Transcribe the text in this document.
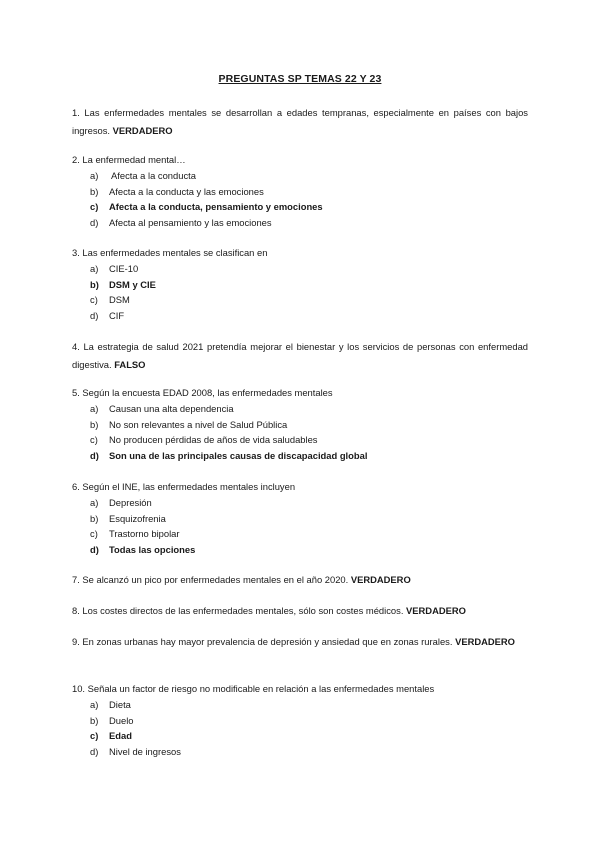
PREGUNTAS SP TEMAS 22 Y 23
1. Las enfermedades mentales se desarrollan a edades tempranas, especialmente en países con bajos ingresos. VERDADERO
2. La enfermedad mental…
a)	Afecta a la conducta
b)	Afecta a la conducta y las emociones
c)	Afecta a la conducta, pensamiento y emociones
d)	Afecta al pensamiento y las emociones
3. Las enfermedades mentales se clasifican en
a)	CIE-10
b)	DSM y CIE
c)	DSM
d)	CIF
4. La estrategia de salud 2021 pretendía mejorar el bienestar y los servicios de personas con enfermedad digestiva. FALSO
5. Según la encuesta EDAD 2008, las enfermedades mentales
a)	Causan una alta dependencia
b)	No son relevantes a nivel de Salud Pública
c)	No producen pérdidas de años de vida saludables
d)	Son una de las principales causas de discapacidad global
6. Según el INE, las enfermedades mentales incluyen
a)	Depresión
b)	Esquizofrenia
c)	Trastorno bipolar
d)	Todas las opciones
7. Se alcanzó un pico por enfermedades mentales en el año 2020. VERDADERO
8. Los costes directos de las enfermedades mentales, sólo son costes médicos. VERDADERO
9. En zonas urbanas hay mayor prevalencia de depresión y ansiedad que en zonas rurales. VERDADERO
10. Señala un factor de riesgo no modificable en relación a las enfermedades mentales
a)	Dieta
b)	Duelo
c)	Edad
d)	Nivel de ingresos
